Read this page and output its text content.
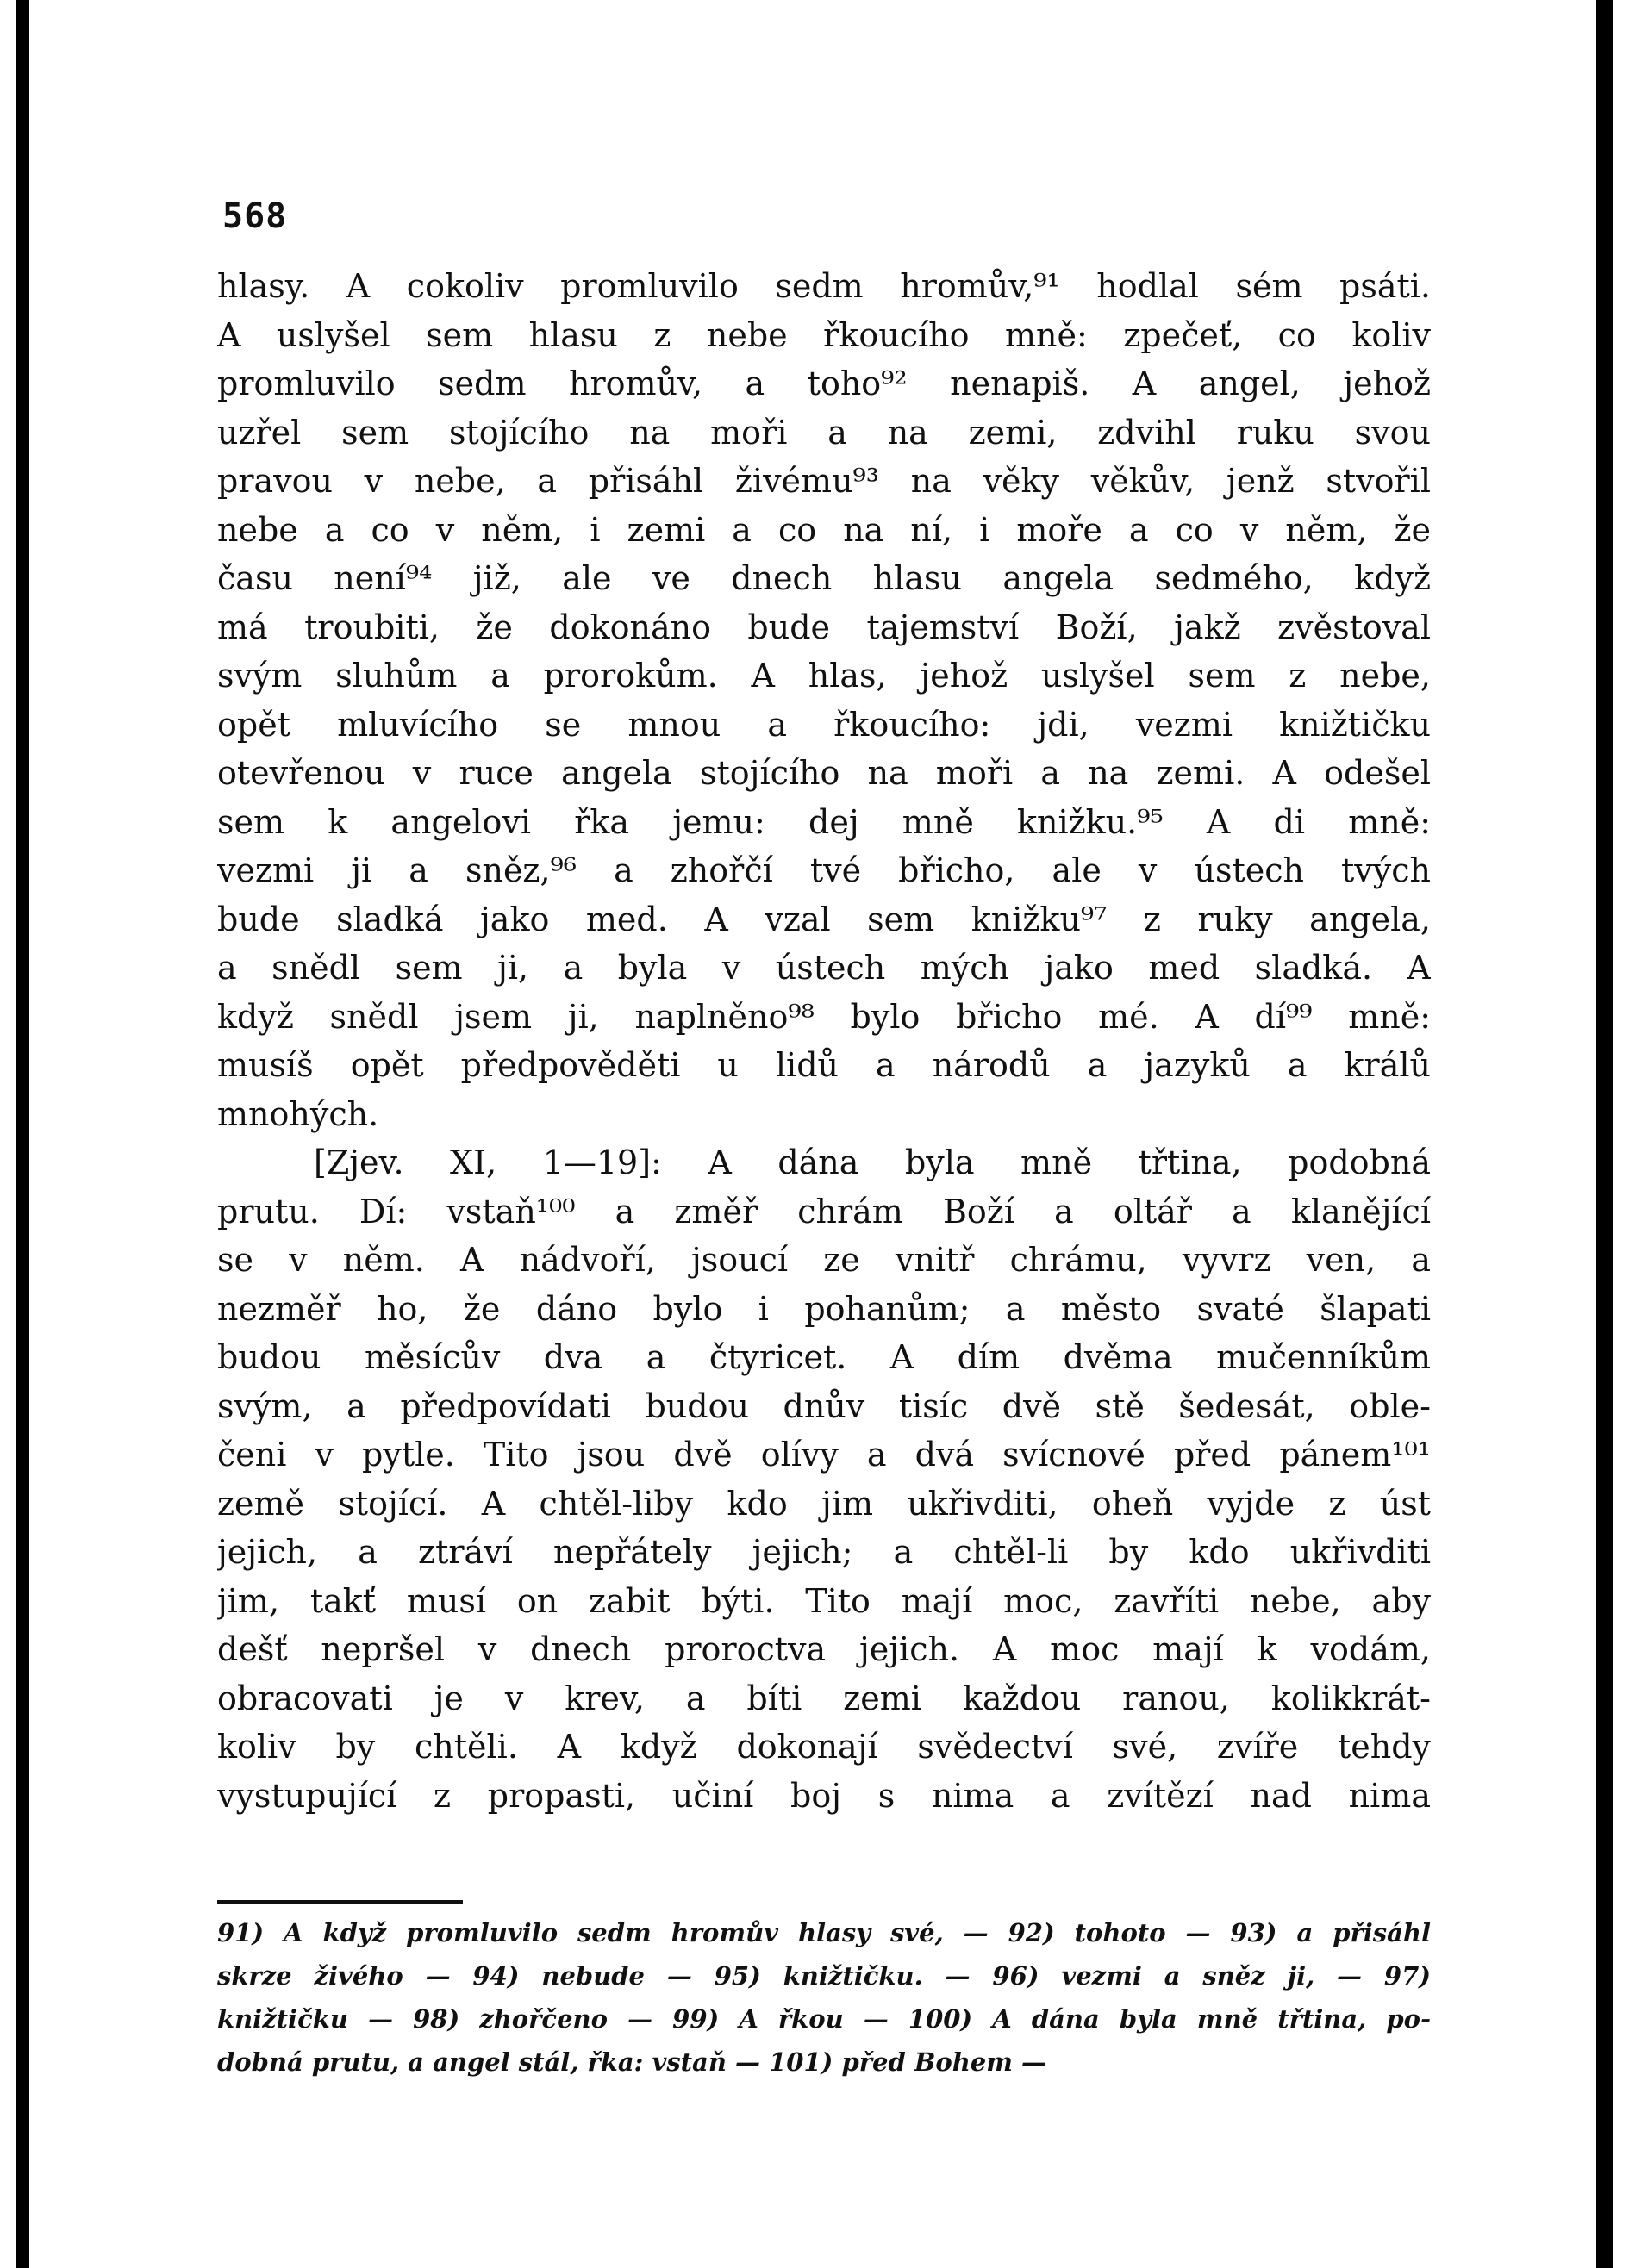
568
hlasy. A cokoliv promluvilo sedm hromův,⁹¹ hodlal sém psáti.
A uslyšel sem hlasu z nebe řkoucího mně: zpečeť, co koliv
promluvilo sedm hromův, a toho⁹² nenapiš. A angel, jehož
uzřel sem stojícího na moři a na zemi, zdvihl ruku svou
pravou v nebe, a přisáhl živému⁹³ na věky věkův, jenž stvořil
nebe a co v něm, i zemi a co na ní, i moře a co v něm, že
času není⁹⁴ již, ale ve dnech hlasu angela sedmého, když
má troubiti, že dokonáno bude tajemství Boží, jakž zvěstoval
svým sluhům a prorokům. A hlas, jehož uslyšel sem z nebe,
opět mluvícího se mnou a řkoucího: jdi, vezmi knižtičku
otevřenou v ruce angela stojícího na moři a na zemi. A odešel
sem k angelovi řka jemu: dej mně knižku.⁹⁵ A di mně:
vezmi ji a sněz,⁹⁶ a zhořčí tvé břicho, ale v ústech tvých
bude sladká jako med. A vzal sem knižku⁹⁷ z ruky angela,
a snědl sem ji, a byla v ústech mých jako med sladká. A
když snědl jsem ji, naplněno⁹⁸ bylo břicho mé. A dí⁹⁹ mně:
musíš opět předpověděti u lidů a národů a jazyků a králů
mnohých.
[Zjev. XI, 1—19]: A dána byla mně třtina, podobná
prutu. Dí: vstaň¹⁰⁰ a změř chrám Boží a oltář a klanějící
se v něm. A nádvoří, jsoucí ze vnitř chrámu, vyvrz ven, a
nezměř ho, že dáno bylo i pohanům; a město svaté šlapati
budou měsícův dva a čtyricet. A dím dvěma mučenníkům
svým, a předpovídati budou dnův tisíc dvě stě šedesát, oble-
čeni v pytle. Tito jsou dvě olívy a dvá svícnové před pánem¹⁰¹
země stojící. A chtěl-liby kdo jim ukřivditi, oheň vyjde z úst
jejich, a ztráví nepřátely jejich; a chtěl-li by kdo ukřivditi
jim, takť musí on zabit býti. Tito mají moc, zavříti nebe, aby
dešť nepršel v dnech proroctva jejich. A moc mají k vodám,
obracovati je v krev, a bíti zemi každou ranou, kolikkrát-
koliv by chtěli. A když dokonají svědectví své, zvíře tehdy
vystupující z propasti, učiní boj s nima a zvítězí nad nima
91) A když promluvilo sedm hromův hlasy své, — 92) tohoto — 93) a přisáhl
skrze živého — 94) nebude — 95) knižtičku. — 96) vezmi a sněz ji, — 97)
knižtičku — 98) zhořčeno — 99) A řkou — 100) A dána byla mně třtina, po-
dobná prutu, a angel stál, řka: vstaň — 101) před Bohem —
